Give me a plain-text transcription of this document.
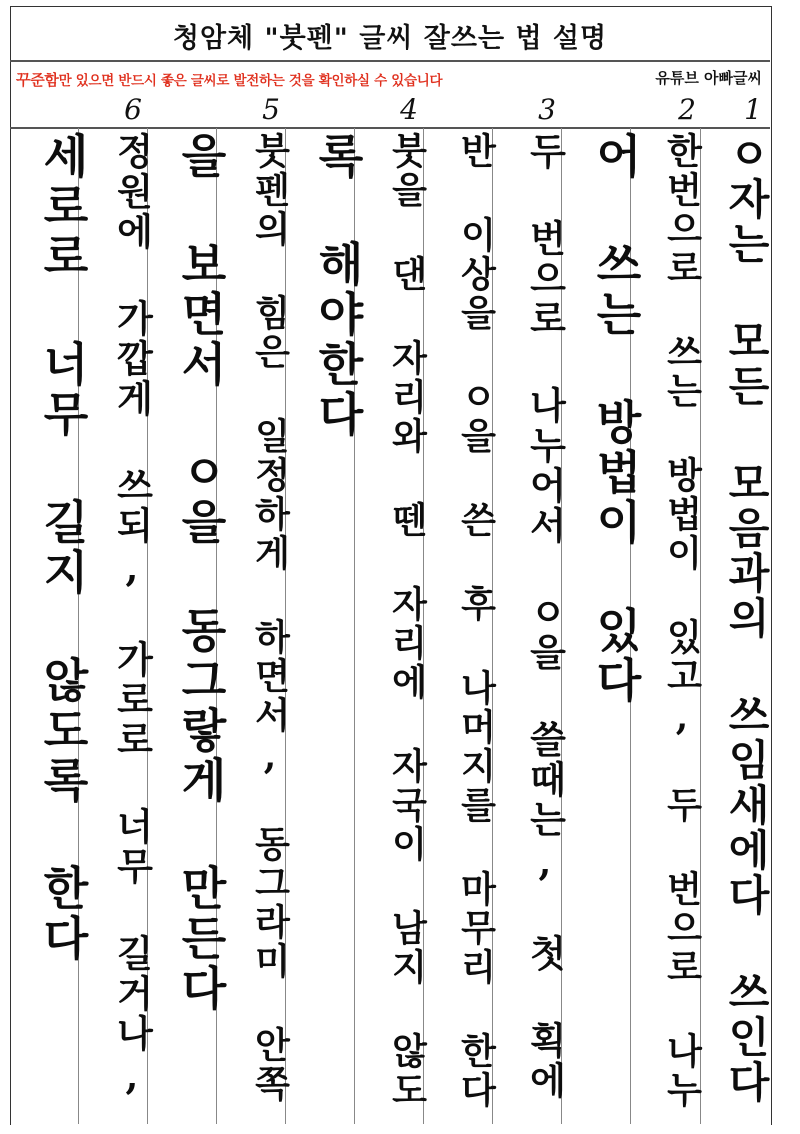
청암체 "붓펜" 글씨 잘쓰는 법 설명
꾸준함만 있으면 반드시 좋은 글씨로 발전하는 것을 확인하실 수 있습니다	유튜브 아빠글씨
1
2
3
4
5
6
ㅇ자는 모든 모음과의 쓰임새에다 쓰인다
한번으로 쓰는 방법이 있고, 두 번으로 나누
어 쓰는 방법이 있다
두 번으로 나누어서 ㅇ을 쓸때는, 첫 획에
반 이상을 ㅇ을 쓴 후 나머지를 마무리 한다
붓을 댄 자리와 뗀 자리에 자국이 남지 않도
록 해야한다
붓펜의 힘은 일정하게 하면서, 동그라미 안쪽
을 보면서 ㅇ을 동그랗게 만든다
정원에 가깝게 쓰되, 가로로 너무 길거나,
세로로 너무 길지 않도록 한다
